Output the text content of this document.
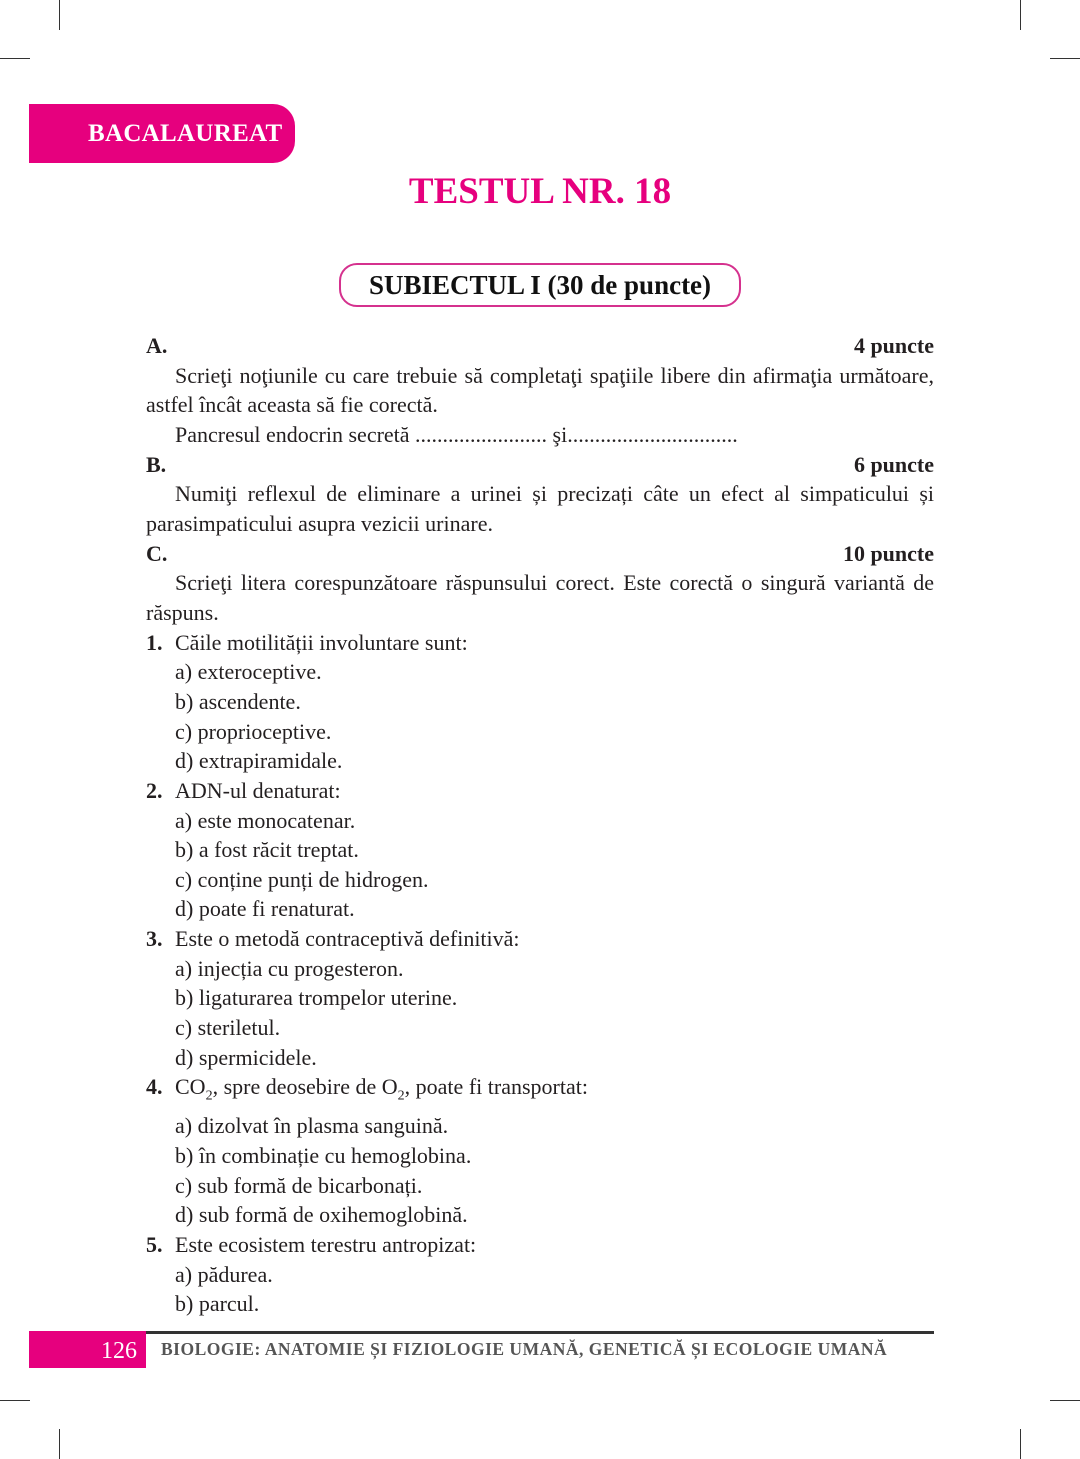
BACALAUREAT
TESTUL NR. 18
SUBIECTUL I (30 de puncte)
A.	4 puncte
Scrieţi noţiunile cu care trebuie să completaţi spaţiile libere din afirmaţia următoare, astfel încât aceasta să fie corectă.
Pancresul endocrin secretă ........................ şi...............................
B.	6 puncte
Numiţi reflexul de eliminare a urinei și precizați câte un efect al simpaticului și parasimpaticului asupra vezicii urinare.
C.	10 puncte
Scrieţi litera corespunzătoare răspunsului corect. Este corectă o singură variantă de răspuns.
1. Căile motilității involuntare sunt:
a) exteroceptive.
b) ascendente.
c) proprioceptive.
d) extrapiramidale.
2. ADN-ul denaturat:
a) este monocatenar.
b) a fost răcit treptat.
c) conține punți de hidrogen.
d) poate fi renaturat.
3. Este o metodă contraceptivă definitivă:
a) injecția cu progesteron.
b) ligaturarea trompelor uterine.
c) steriletul.
d) spermicidele.
4. $CO_2$, spre deosebire de $O_2$, poate fi transportat:
a) dizolvat în plasma sanguină.
b) în combinație cu hemoglobina.
c) sub formă de bicarbonați.
d) sub formă de oxihemoglobină.
5. Este ecosistem terestru antropizat:
a) pădurea.
b) parcul.
126	BIOLOGIE: ANATOMIE ȘI FIZIOLOGIE UMANĂ, GENETICĂ ȘI ECOLOGIE UMANĂ
